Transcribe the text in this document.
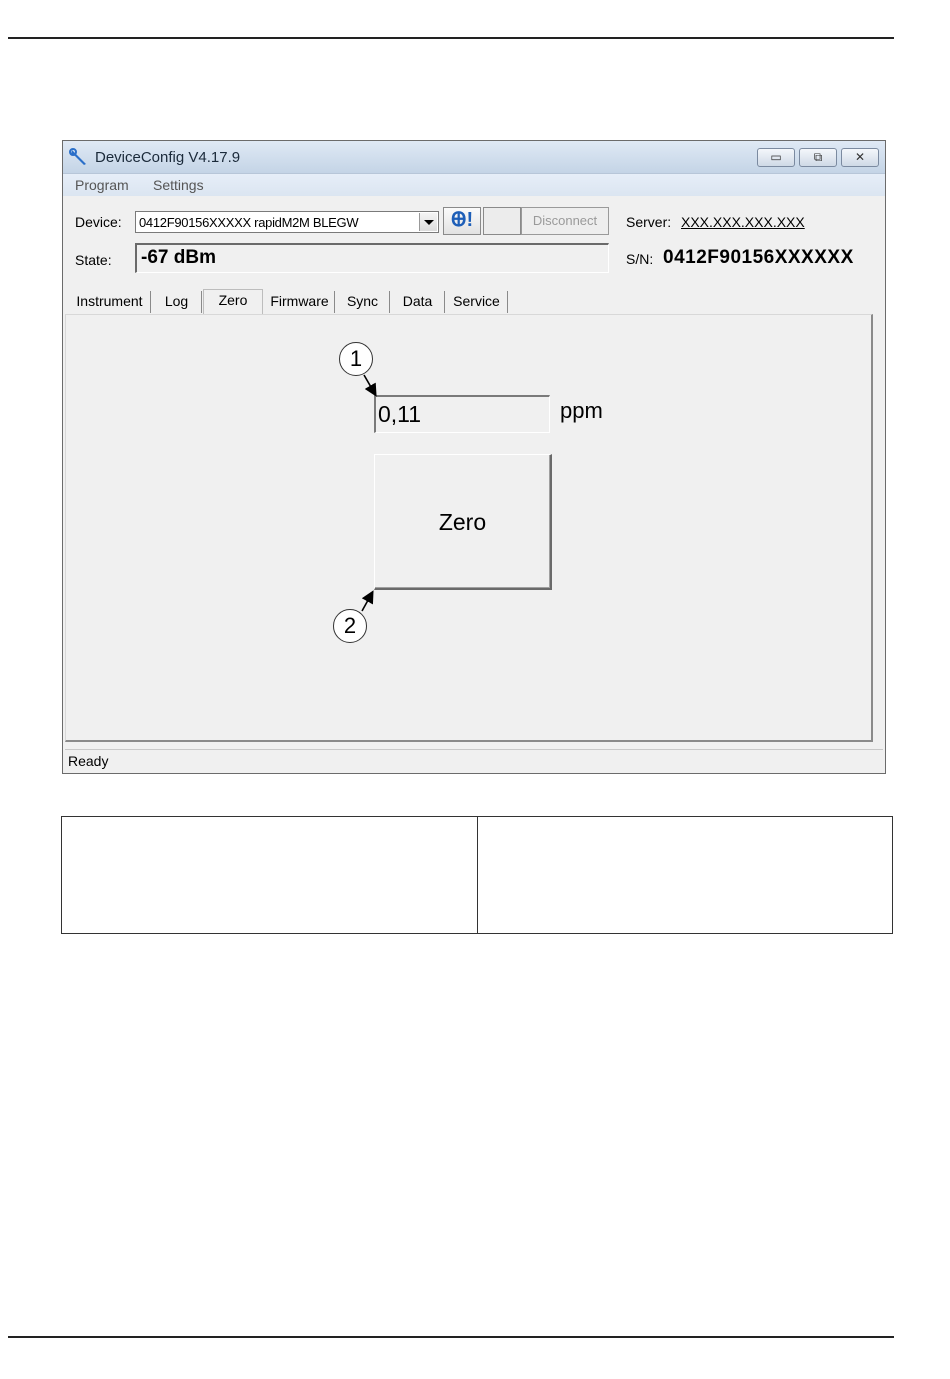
DeviceConfig V4.17.9	▭	⧉	✕
Program Settings
Device: 0412F90156XXXXX rapidM2M BLEGW	Ꚛ!	Disconnect	Server: XXX.XXX.XXX.XXX
State: -67 dBm	S/N: 0412F90156XXXXXX
Instrument	Log	Zero	Firmware	Sync	Data	Service
0,11	ppm
Zero
1
2
Ready
